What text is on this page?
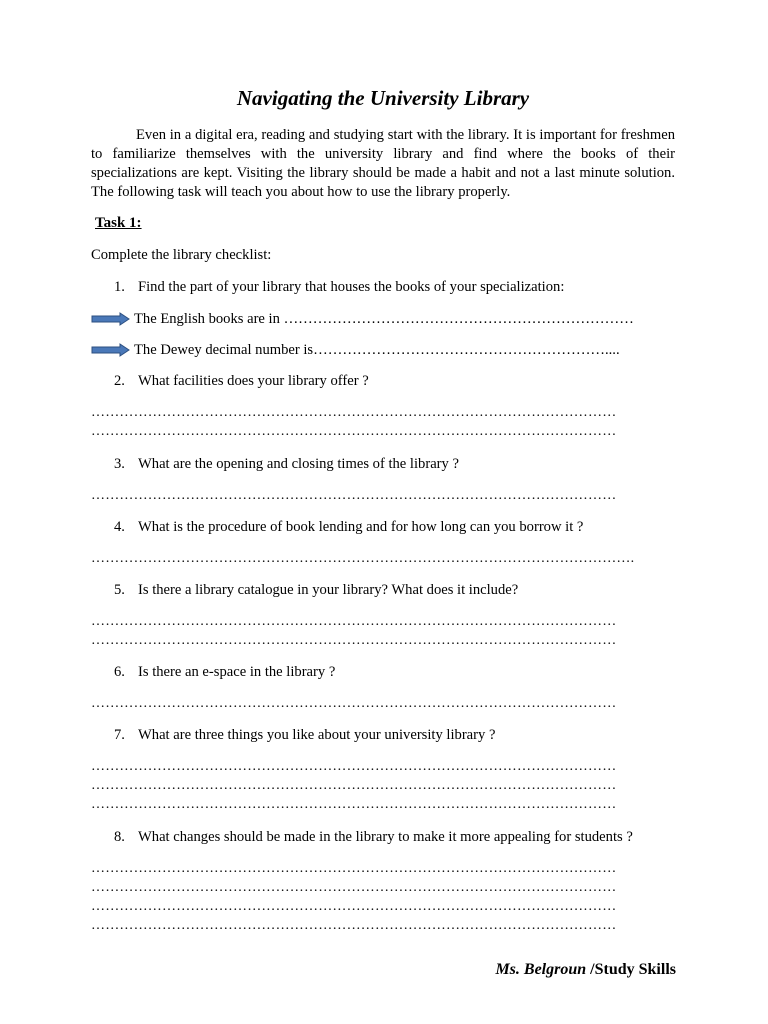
Navigating the University Library

Even in a digital era, reading and studying start with the library. It is important for freshmen to familiarize themselves with the university library and find where the books of their specializations are kept. Visiting the library should be made a habit and not a last minute solution. The following task will teach you about how to use the library properly.

Task 1:
Complete the library checklist:
1. Find the part of your library that houses the books of your specialization:
The English books are in ………………………………………………………………
The Dewey decimal number is……………………………………………………....
2. What facilities does your library offer ?
…………………………………………………………………………………………………
…………………………………………………………………………………………………
3. What are the opening and closing times of the library ?
…………………………………………………………………………………………………
4. What is the procedure of book lending and for how long can you borrow it ?
…………………………………………………………………………………………………….
5. Is there a library catalogue in your library? What does it include?
…………………………………………………………………………………………………
…………………………………………………………………………………………………
6. Is there an e-space in the library ?
…………………………………………………………………………………………………
7. What are three things you like about your university library ?
…………………………………………………………………………………………………
…………………………………………………………………………………………………
…………………………………………………………………………………………………
8. What changes should be made in the library to make it more appealing for students ?
…………………………………………………………………………………………………
…………………………………………………………………………………………………
…………………………………………………………………………………………………
…………………………………………………………………………………………………
Ms. Belgroun /Study Skills
